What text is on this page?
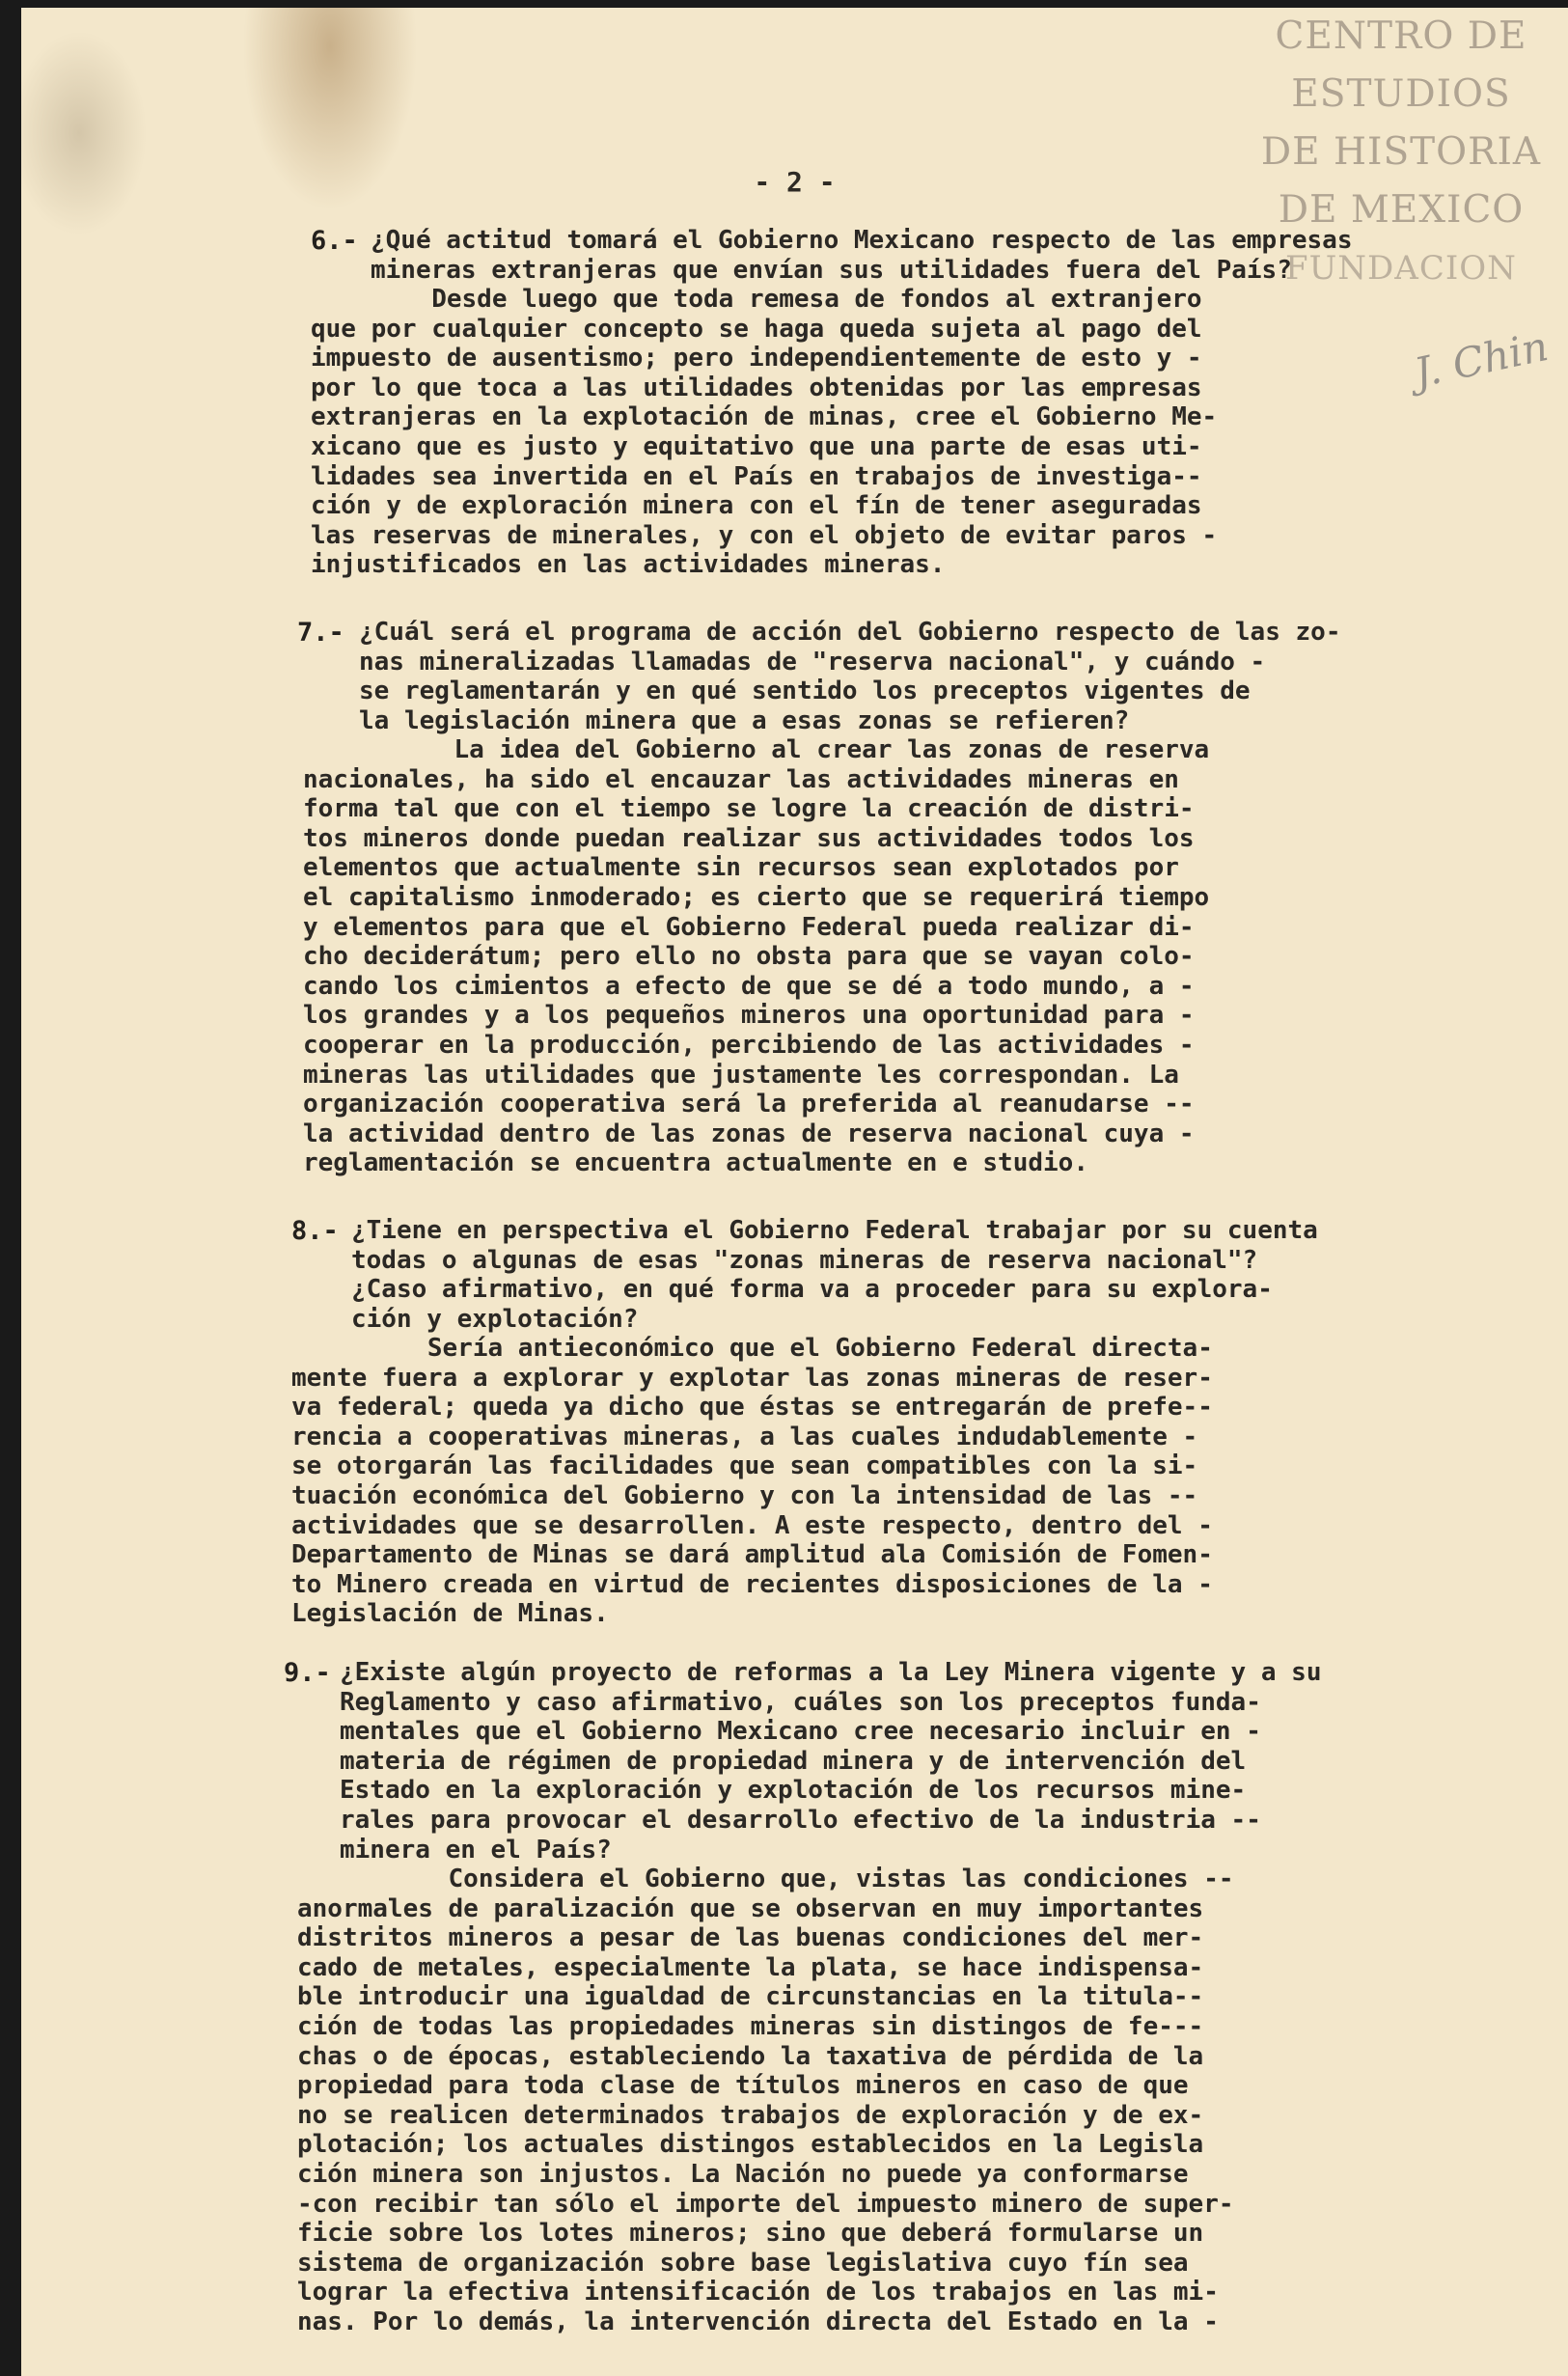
CENTRO DE
ESTUDIOS
DE HISTORIA
DE MEXICO
FUNDACION
J. Chin
- 2 -
6.- ¿Qué actitud tomará el Gobierno Mexicano respecto de las empresas
mineras extranjeras que envían sus utilidades fuera del País?
Desde luego que toda remesa de fondos al extranjero
que por cualquier concepto se haga queda sujeta al pago del
impuesto de ausentismo; pero independientemente de esto y -
por lo que toca a las utilidades obtenidas por las empresas
extranjeras en la explotación de minas, cree el Gobierno Me-
xicano que es justo y equitativo que una parte de esas uti-
lidades sea invertida en el País en trabajos de investiga--
ción y de exploración minera con el fín de tener aseguradas
las reservas de minerales, y con el objeto de evitar paros -
injustificados en las actividades mineras.
7.- ¿Cuál será el programa de acción del Gobierno respecto de las zo-
nas mineralizadas llamadas de "reserva nacional", y cuándo -
se reglamentarán y en qué sentido los preceptos vigentes de
la legislación minera que a esas zonas se refieren?
La idea del Gobierno al crear las zonas de reserva
nacionales, ha sido el encauzar las actividades mineras en
forma tal que con el tiempo se logre la creación de distri-
tos mineros donde puedan realizar sus actividades todos los
elementos que actualmente sin recursos sean explotados por
el capitalismo inmoderado; es cierto que se requerirá tiempo
y elementos para que el Gobierno Federal pueda realizar di-
cho deciderátum; pero ello no obsta para que se vayan colo-
cando los cimientos a efecto de que se dé a todo mundo, a -
los grandes y a los pequeños mineros una oportunidad para -
cooperar en la producción, percibiendo de las actividades -
mineras las utilidades que justamente les correspondan. La
organización cooperativa será la preferida al reanudarse --
la actividad dentro de las zonas de reserva nacional cuya -
reglamentación se encuentra actualmente en e studio.
8.- ¿Tiene en perspectiva el Gobierno Federal trabajar por su cuenta
todas o algunas de esas "zonas mineras de reserva nacional"?
¿Caso afirmativo, en qué forma va a proceder para su explora-
ción y explotación?
Sería antieconómico que el Gobierno Federal directa-
mente fuera a explorar y explotar las zonas mineras de reser-
va federal; queda ya dicho que éstas se entregarán de prefe--
rencia a cooperativas mineras, a las cuales indudablemente -
se otorgarán las facilidades que sean compatibles con la si-
tuación económica del Gobierno y con la intensidad de las --
actividades que se desarrollen. A este respecto, dentro del -
Departamento de Minas se dará amplitud ala Comisión de Fomen-
to Minero creada en virtud de recientes disposiciones de la -
Legislación de Minas.
9.- ¿Existe algún proyecto de reformas a la Ley Minera vigente y a su
Reglamento y caso afirmativo, cuáles son los preceptos funda-
mentales que el Gobierno Mexicano cree necesario incluir en -
materia de régimen de propiedad minera y de intervención del
Estado en la exploración y explotación de los recursos mine-
rales para provocar el desarrollo efectivo de la industria --
minera en el País?
Considera el Gobierno que, vistas las condiciones --
anormales de paralización que se observan en muy importantes
distritos mineros a pesar de las buenas condiciones del mer-
cado de metales, especialmente la plata, se hace indispensa-
ble introducir una igualdad de circunstancias en la titula--
ción de todas las propiedades mineras sin distingos de fe---
chas o de épocas, estableciendo la taxativa de pérdida de la
propiedad para toda clase de títulos mineros en caso de que
no se realicen determinados trabajos de exploración y de ex-
plotación; los actuales distingos establecidos en la Legisla
ción minera son injustos. La Nación no puede ya conformarse
-con recibir tan sólo el importe del impuesto minero de super-
ficie sobre los lotes mineros; sino que deberá formularse un
sistema de organización sobre base legislativa cuyo fín sea
lograr la efectiva intensificación de los trabajos en las mi-
nas. Por lo demás, la intervención directa del Estado en la -
